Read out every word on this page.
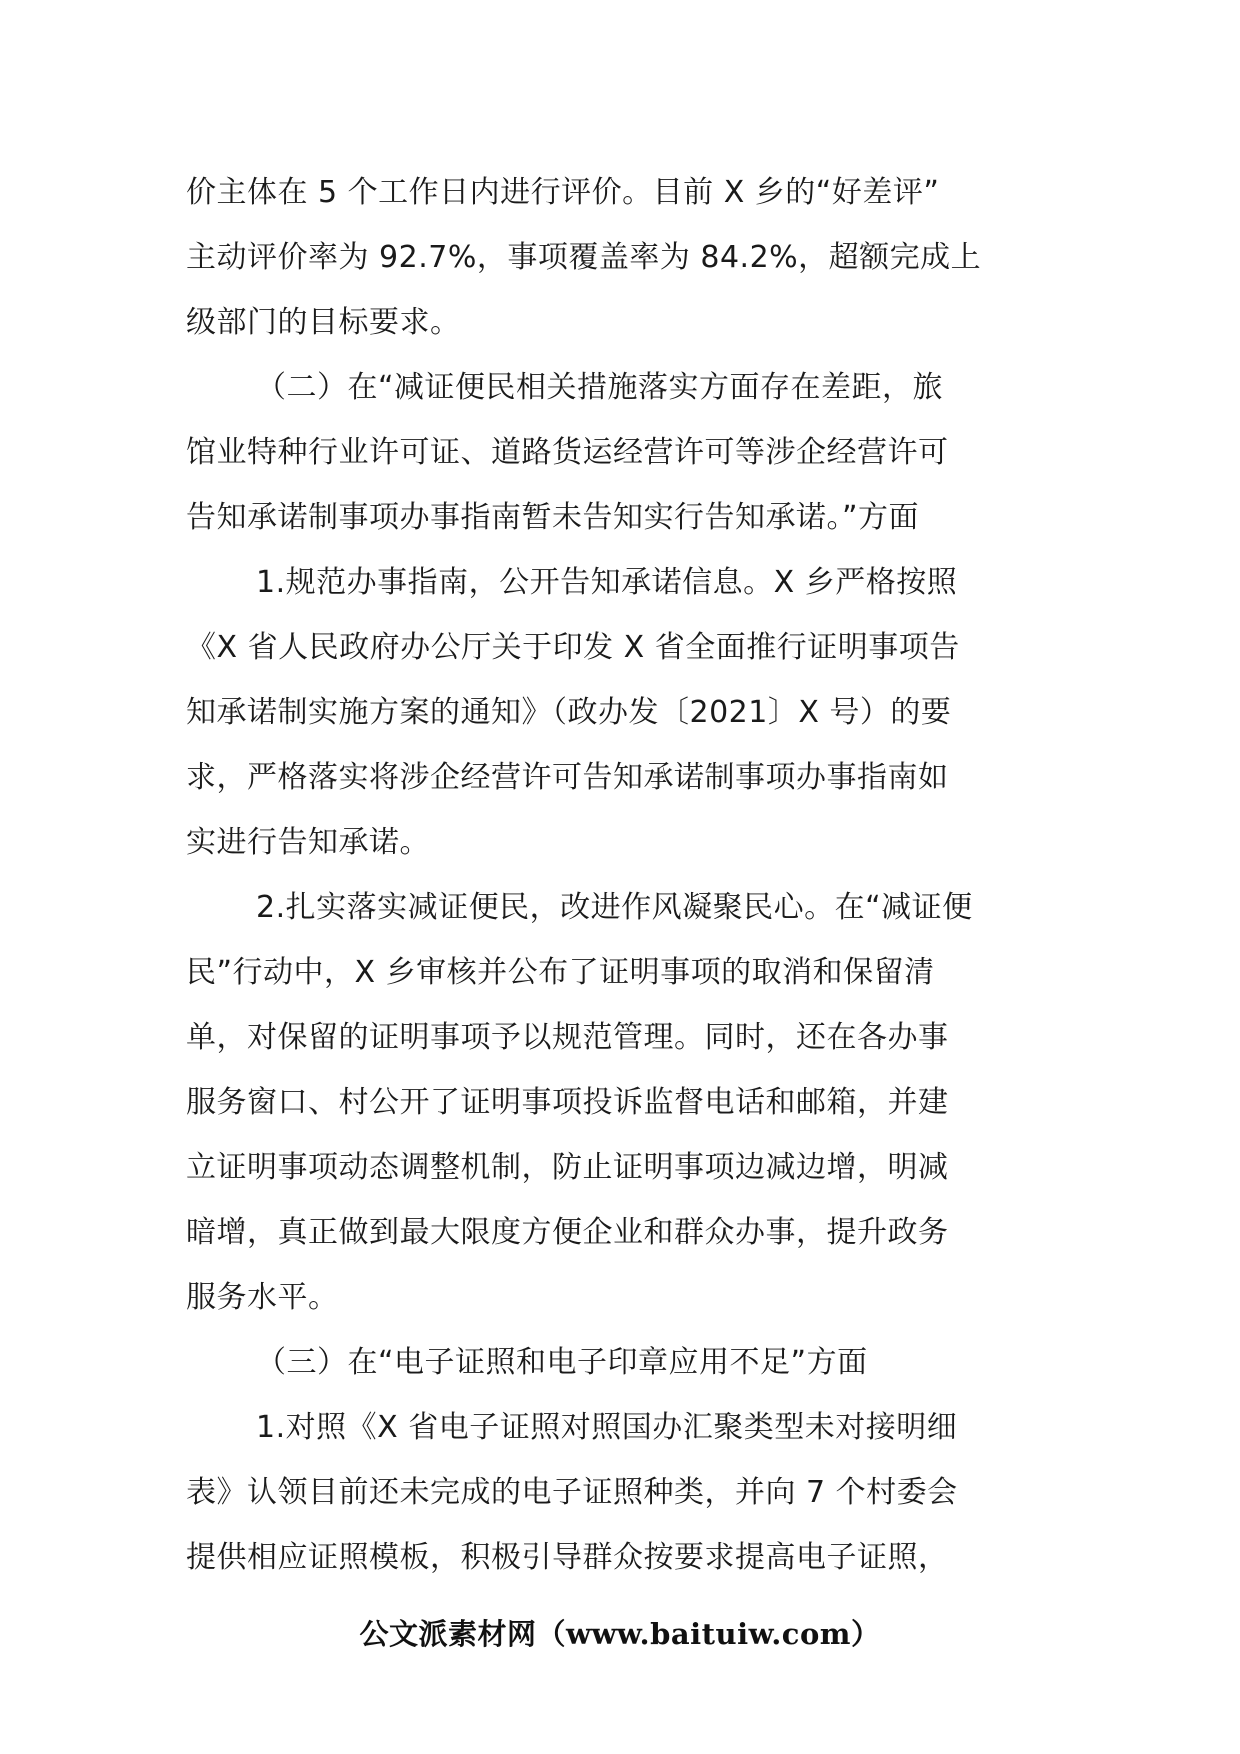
价主体在 5 个工作日内进行评价。目前 X 乡的“好差评”
主动评价率为 92.7%，事项覆盖率为 84.2%，超额完成上
级部门的目标要求。
（二）在“减证便民相关措施落实方面存在差距，旅
馆业特种行业许可证、道路货运经营许可等涉企经营许可
告知承诺制事项办事指南暂未告知实行告知承诺。”方面
1.规范办事指南，公开告知承诺信息。X 乡严格按照
《X 省人民政府办公厅关于印发 X 省全面推行证明事项告
知承诺制实施方案的通知》（政办发〔2021〕X 号）的要
求，严格落实将涉企经营许可告知承诺制事项办事指南如
实进行告知承诺。
2.扎实落实减证便民，改进作风凝聚民心。在“减证便
民”行动中，X 乡审核并公布了证明事项的取消和保留清
单，对保留的证明事项予以规范管理。同时，还在各办事
服务窗口、村公开了证明事项投诉监督电话和邮箱，并建
立证明事项动态调整机制，防止证明事项边减边增，明减
暗增，真正做到最大限度方便企业和群众办事，提升政务
服务水平。
（三）在“电子证照和电子印章应用不足”方面
1.对照《X 省电子证照对照国办汇聚类型未对接明细
表》认领目前还未完成的电子证照种类，并向 7 个村委会
提供相应证照模板，积极引导群众按要求提高电子证照，
公文派素材网（www.baituiw.com）
